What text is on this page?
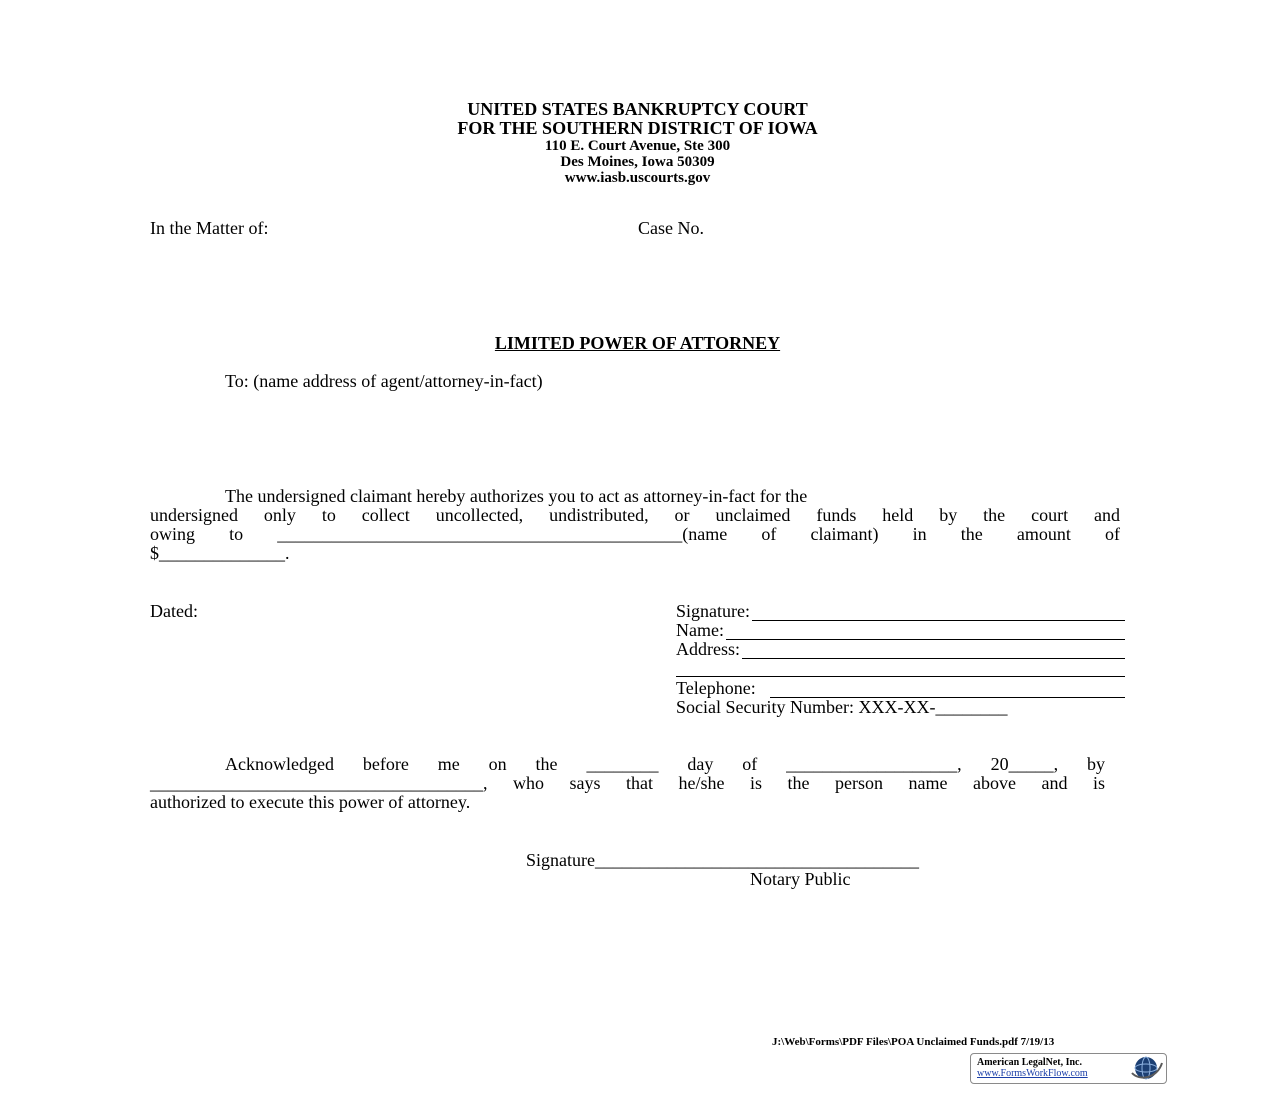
UNITED STATES BANKRUPTCY COURT
FOR THE SOUTHERN DISTRICT OF IOWA
110 E. Court Avenue, Ste 300
Des Moines, Iowa 50309
www.iasb.uscourts.gov
In the Matter of:	Case No.
LIMITED POWER OF ATTORNEY
To: (name address of agent/attorney-in-fact)
The undersigned claimant hereby authorizes you to act as attorney-in-fact for the
undersigned only to collect uncollected, undistributed, or unclaimed funds held by the court and
owing to _____________________________________________(name of claimant) in the amount of
$______________.
Dated:	Signature:
Name:
Address:
Telephone:
Social Security Number: XXX-XX-________
Acknowledged before me on the ________ day of ___________________, 20_____, by
_____________________________________, who says that he/she is the person name above and is
authorized to execute this power of attorney.
Signature____________________________________
Notary Public
J:\Web\Forms\PDF Files\POA Unclaimed Funds.pdf 7/19/13
American LegalNet, Inc.
www.FormsWorkFlow.com
